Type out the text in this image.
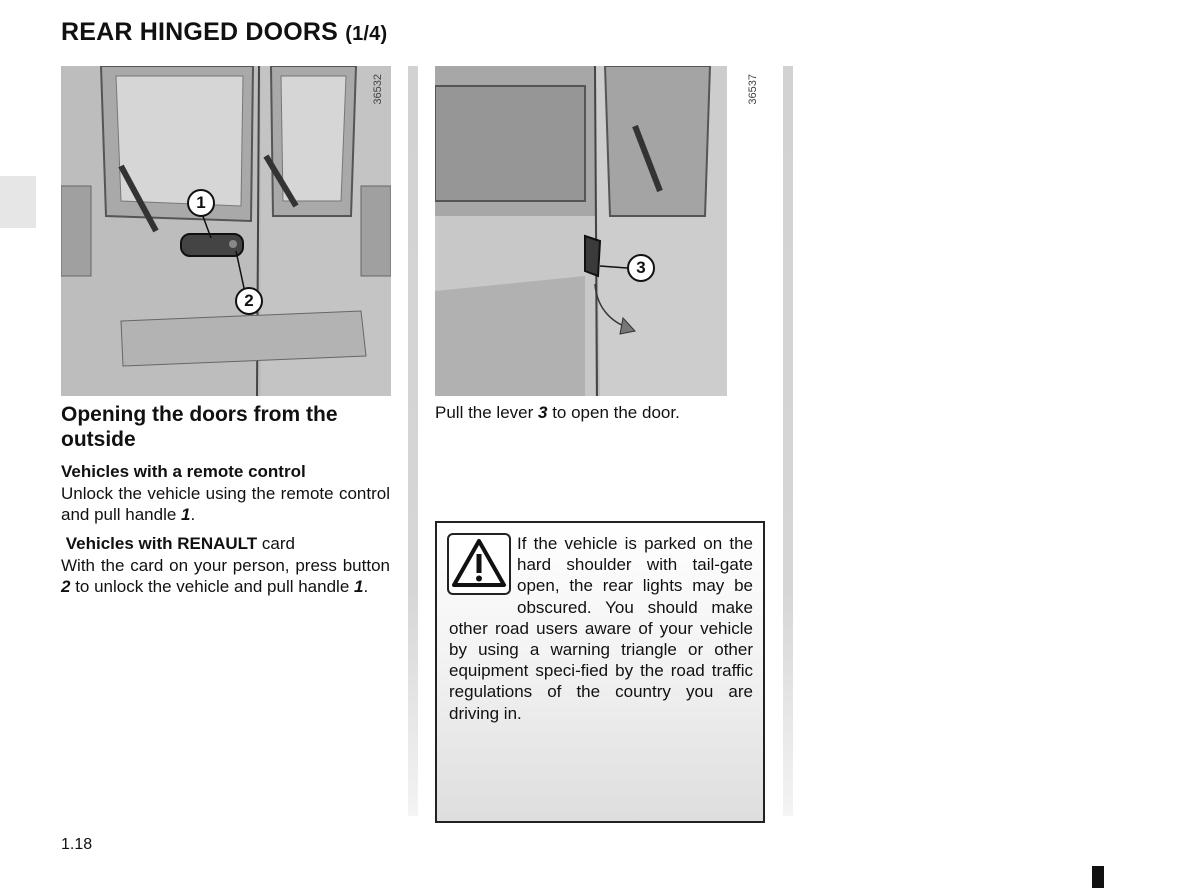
REAR HINGED DOORS (1/4)
1
2
36532
3
36537
Opening the doors from the outside
Vehicles with a remote control
Unlock the vehicle using the remote control and pull handle 1.
Vehicles with RENAULT card
With the card on your person, press button 2 to unlock the vehicle and pull handle 1.
Pull the lever 3 to open the door.
If the vehicle is parked on the hard shoulder with tail-gate open, the rear lights may be obscured. You should make other road users aware of your vehicle by using a warning triangle or other equipment speci-fied by the road traffic regulations of the country you are driving in.
1.18
